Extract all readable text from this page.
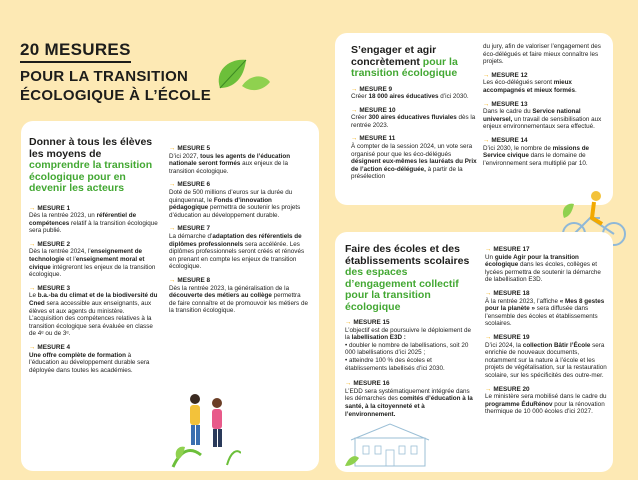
20 MESURES
POUR LA TRANSITION
ÉCOLOGIQUE À L’ÉCOLE
Donner à tous les élèves les moyens de comprendre la transition écologique pour en devenir les acteurs
→ MESURE 1

Dès la rentrée 2023, un référentiel de compétences relatif à la transition écologique sera publié.

→ MESURE 2

Dès la rentrée 2024, l’enseignement de technologie et l’enseignement moral et civique intégreront les enjeux de la transition écologique.

→ MESURE 3

Le b.a.-ba du climat et de la biodiversité du Cned sera accessible aux enseignants, aux élèves et aux agents du ministère. L’acquisition des compétences relatives à la transition écologique sera évaluée en classe de 4ᵉ ou de 3ᵉ.

→ MESURE 4

Une offre complète de formation à l’éducation au développement durable sera déployée dans toutes les académies.

→ MESURE 5

D’ici 2027, tous les agents de l’éducation nationale seront formés aux enjeux de la transition écologique.

→ MESURE 6

Doté de 500 millions d’euros sur la durée du quinquennat, le Fonds d’innovation pédagogique permettra de soutenir les projets d’éducation au développement durable.

→ MESURE 7

La démarche d’adaptation des référentiels de diplômes professionnels sera accélérée. Les diplômes professionnels seront créés et rénovés en prenant en compte les enjeux de transition écologique.

→ MESURE 8

Dès la rentrée 2023, la généralisation de la découverte des métiers au collège permettra de faire connaître et de promouvoir les métiers de la transition écologique.

S’engager et agir concrètement pour la transition écologique
→ MESURE 9

Créer 18 000 aires éducatives d’ici 2030.

→ MESURE 10

Créer 300 aires éducatives fluviales dès la rentrée 2023.

→ MESURE 11

À compter de la session 2024, un vote sera organisé pour que les éco-délégués désignent eux-mêmes les lauréats du Prix de l’action éco-déléguée, à partir de la présélection

du jury, afin de valoriser l’engagement des éco-délégués et faire mieux connaître les projets.

→ MESURE 12

Les éco-délégués seront mieux accompagnés et mieux formés.

→ MESURE 13

Dans le cadre du Service national universel, un travail de sensibilisation aux enjeux environnementaux sera effectué.

→ MESURE 14

D’ici 2030, le nombre de missions de Service civique dans le domaine de l’environnement sera multiplié par 10.

Faire des écoles et des établissements scolaires des espaces d’engagement collectif pour la transition écologique
→ MESURE 15

L’objectif est de poursuivre le déploiement de la labellisation E3D :

• doubler le nombre de labellisations, soit 20 000 labellisations d’ici 2025 ;
• atteindre 100 % des écoles et établissements labellisés d’ici 2030.
→ MESURE 16

L’EDD sera systématiquement intégrée dans les démarches des comités d’éducation à la santé, à la citoyenneté et à l’environnement.

→ MESURE 17

Un guide Agir pour la transition écologique dans les écoles, collèges et lycées permettra de soutenir la démarche de labellisation E3D.

→ MESURE 18

À la rentrée 2023, l’affiche « Mes 8 gestes pour la planète » sera diffusée dans l’ensemble des écoles et établissements scolaires.

→ MESURE 19

D’ici 2024, la collection Bâtir l’École sera enrichie de nouveaux documents, notamment sur la nature à l’école et les projets de végétalisation, sur la restauration scolaire, sur les spécificités des outre-mer.

→ MESURE 20

Le ministère sera mobilisé dans le cadre du programme ÉduRénov pour la rénovation thermique de 10 000 écoles d’ici 2027.
